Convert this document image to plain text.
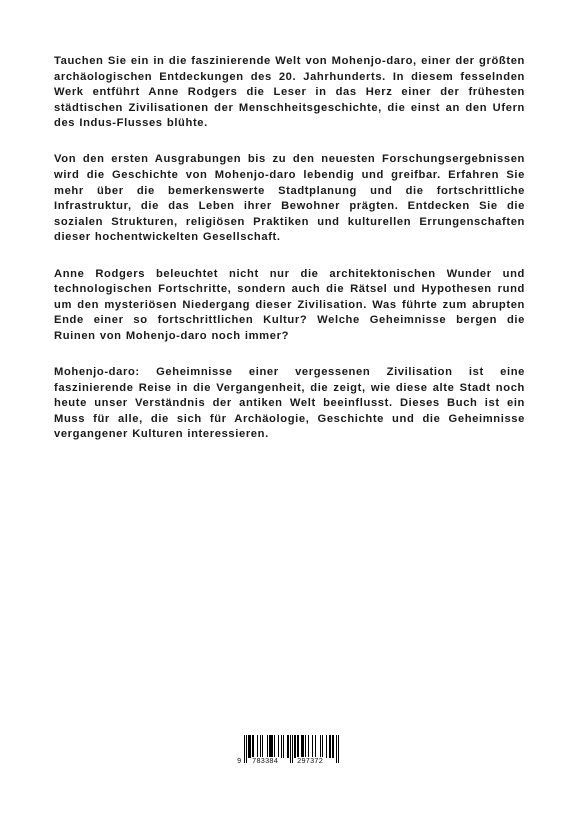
Tauchen Sie ein in die faszinierende Welt von Mohenjo-daro, einer der größten archäologischen Entdeckungen des 20. Jahrhunderts. In diesem fesselnden Werk entführt Anne Rodgers die Leser in das Herz einer der frühesten städtischen Zivilisationen der Menschheitsgeschichte, die einst an den Ufern des Indus-Flusses blühte.

Von den ersten Ausgrabungen bis zu den neuesten Forschungsergebnissen wird die Geschichte von Mohenjo-daro lebendig und greifbar. Erfahren Sie mehr über die bemerkenswerte Stadtplanung und die fortschrittliche Infrastruktur, die das Leben ihrer Bewohner prägten. Entdecken Sie die sozialen Strukturen, religiösen Praktiken und kulturellen Errungenschaften dieser hochentwickelten Gesellschaft.

Anne Rodgers beleuchtet nicht nur die architektonischen Wunder und technologischen Fortschritte, sondern auch die Rätsel und Hypothesen rund um den mysteriösen Niedergang dieser Zivilisation. Was führte zum abrupten Ende einer so fortschrittlichen Kultur? Welche Geheimnisse bergen die Ruinen von Mohenjo-daro noch immer?

Mohenjo-daro: Geheimnisse einer vergessenen Zivilisation ist eine faszinierende Reise in die Vergangenheit, die zeigt, wie diese alte Stadt noch heute unser Verständnis der antiken Welt beeinflusst. Dieses Buch ist ein Muss für alle, die sich für Archäologie, Geschichte und die Geheimnisse vergangener Kulturen interessieren.

9 783384	297372
